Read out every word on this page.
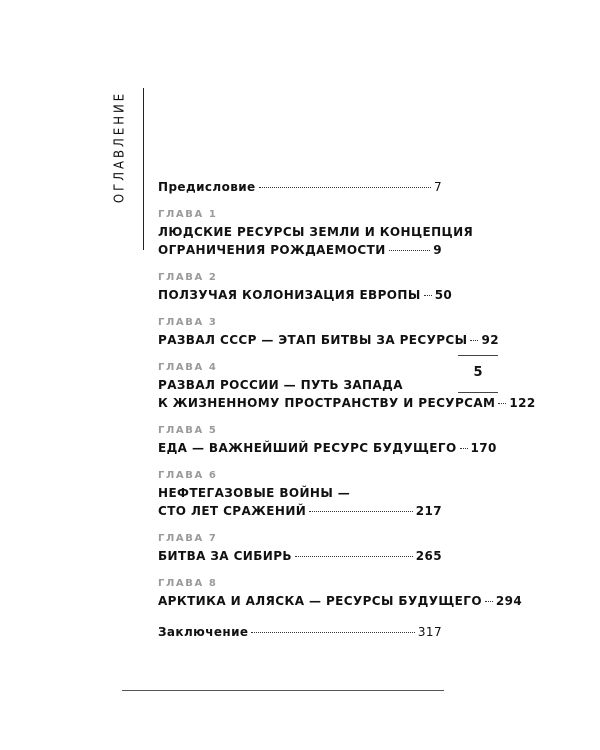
ОГЛАВЛЕНИЕ	Предисловие	7
ГЛАВА 1
ЛЮДСКИЕ РЕСУРСЫ ЗЕМЛИ И КОНЦЕПЦИЯ
ОГРАНИЧЕНИЯ РОЖДАЕМОСТИ	9
ГЛАВА 2
ПОЛЗУЧАЯ КОЛОНИЗАЦИЯ ЕВРОПЫ 50
ГЛАВА 3
РАЗВАЛ СССР — ЭТАП БИТВЫ ЗА РЕСУРСЫ 92
ГЛАВА 4
РАЗВАЛ РОССИИ — ПУТЬ ЗАПАДА
К ЖИЗНЕННОМУ ПРОСТРАНСТВУ И РЕСУРСАМ 122
ГЛАВА 5
ЕДА — ВАЖНЕЙШИЙ РЕСУРС БУДУЩЕГО 170
ГЛАВА 6
НЕФТЕГАЗОВЫЕ ВОЙНЫ —
СТО ЛЕТ СРАЖЕНИЙ	217
ГЛАВА 7
БИТВА ЗА СИБИРЬ	265
ГЛАВА 8
АРКТИКА И АЛЯСКА — РЕСУРСЫ БУДУЩЕГО 294
Заключение	317
5
